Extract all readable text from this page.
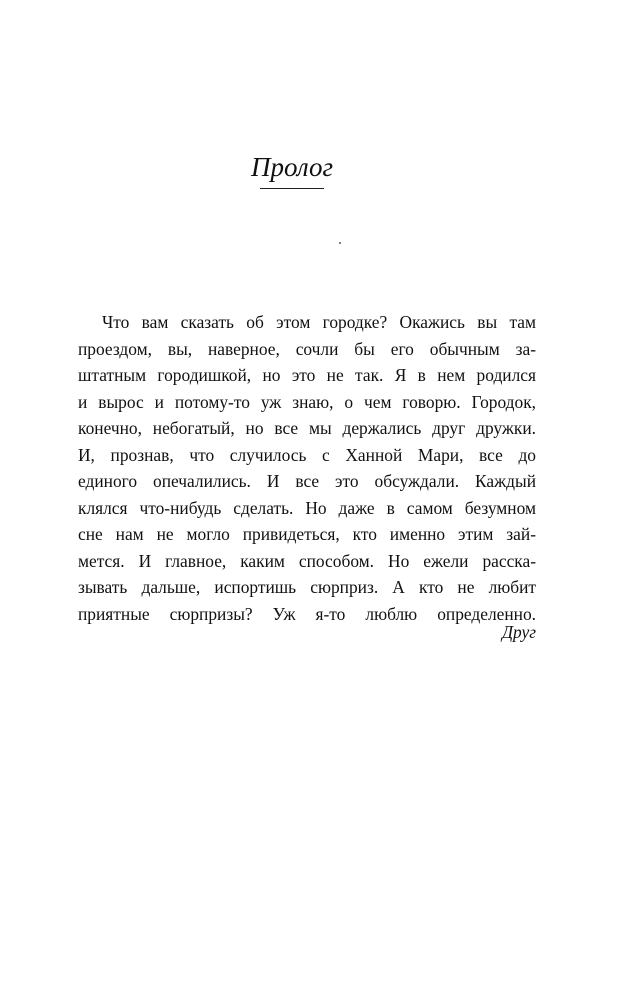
Пролог
Что вам сказать об этом городке? Окажись вы там
проездом, вы, наверное, сочли бы его обычным за-
штатным городишкой, но это не так. Я в нем родился
и вырос и потому-то уж знаю, о чем говорю. Городок,
конечно, небогатый, но все мы держались друг дружки.
И, прознав, что случилось с Ханной Мари, все до
единого опечалились. И все это обсуждали. Каждый
клялся что-нибудь сделать. Но даже в самом безумном
сне нам не могло привидеться, кто именно этим зай-
мется. И главное, каким способом. Но ежели расска-
зывать дальше, испортишь сюрприз. А кто не любит
приятные сюрпризы? Уж я-то люблю определенно.
Друг
